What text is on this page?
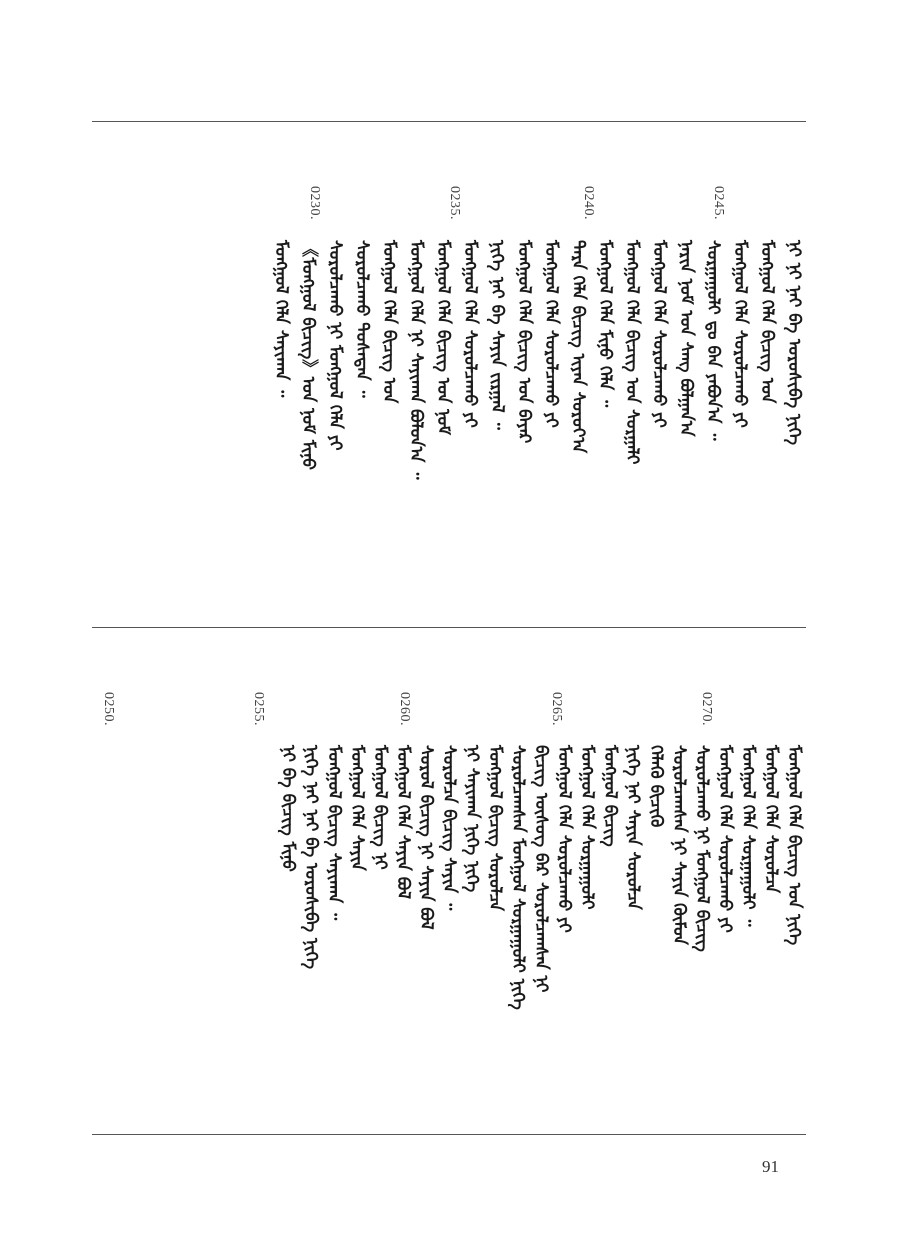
ᠨᠢ ᠨᠢ ᠨᠠᠢ ᠪᠠ ᠣᠷᠣᠰᠢᠪᠠ ᠨᠢᠭᠡ
ᠮᠣᠩᠭᠣᠯ ᠬᠡᠯᠡ ᠪᠢᠴᠢᠭ ᠤᠨ
ᠮᠣᠩᠭᠣᠯ ᠬᠡᠯᠡ ᠰᠤᠷᠤᠯᠴᠠᠬᠤ ᠶᠢ
ᠰᠤᠷᠭᠠᠭᠤᠯᠢ ᠳᠤ ᠪᠠᠨ ᠶᠠᠪᠤᠨ᠎ᠠ ᠃
ᠨᠠᠷᠢᠨ ᠨᠣᠮ ᠤᠨ ᠰᠠᠩ ᠪᠣᠯᠭᠠᠨ᠎ᠠ
ᠮᠣᠩᠭᠣᠯ ᠬᠡᠯᠡ ᠰᠤᠷᠤᠯᠴᠠᠬᠤ ᠶᠢ
ᠮᠣᠩᠭᠣᠯ ᠬᠡᠯᠡ ᠪᠢᠴᠢᠭ ᠤᠨ ᠰᠤᠷᠭᠠᠯᠢ
ᠮᠣᠩᠭᠣᠯ ᠬᠡᠯᠡ ᠮᠢᠨᠦ ᠬᠡᠯᠡ ᠃
ᠲᠡᠷᠡ ᠬᠡᠯᠡ ᠪᠢᠴᠢᠭ ᠢᠶᠡᠨ ᠰᠤᠷᠤᠶ᠎ᠠ
ᠮᠣᠩᠭᠣᠯ ᠬᠡᠯᠡ ᠰᠤᠷᠤᠯᠴᠠᠬᠤ ᠶᠢ
ᠮᠣᠩᠭᠣᠯ ᠬᠡᠯᠡ ᠪᠢᠴᠢᠭ ᠤᠨ ᠪᠠᠶᠠᠷ
ᠨᠢᠭᠡ ᠨᠠᠢ ᠪᠠ ᠰᠠᠶᠢᠨ ᠵᠢᠷᠭᠠᠯ ᠃
ᠮᠣᠩᠭᠣᠯ ᠬᠡᠯᠡ ᠰᠤᠷᠤᠯᠴᠠᠬᠤ ᠶᠢ
ᠮᠣᠩᠭᠣᠯ ᠬᠡᠯᠡ ᠪᠢᠴᠢᠭ ᠤᠨ ᠨᠣᠮ
ᠮᠣᠩᠭᠣᠯ ᠬᠡᠯᠡ ᠨᠢ ᠰᠠᠶᠢᠬᠠᠨ ᠪᠣᠯᠤᠨ᠎ᠠ ᠃
ᠮᠣᠩᠭᠣᠯ ᠬᠡᠯᠡ ᠪᠢᠴᠢᠭ ᠤᠨ
ᠰᠤᠷᠤᠯᠴᠠᠬᠤ ᠲᠤᠰᠠᠳᠠᠨ ᠃
ᠰᠤᠷᠤᠯᠴᠠᠬᠤ ᠨᠢ ᠮᠣᠩᠭᠣᠯ ᠬᠡᠯᠡ ᠶᠢ
《ᠮᠣᠩᠭᠣᠯ ᠪᠢᠴᠢᠭ》ᠤᠨ ᠨᠣᠮ ᠮᠢᠨᠦ
ᠮᠣᠩᠭᠣᠯ ᠬᠡᠯᠡ ᠰᠠᠶᠢᠬᠠᠨ ᠃
0245.
0240.
0235.
0230.
ᠮᠣᠩᠭᠣᠯ ᠬᠡᠯᠡ ᠪᠢᠴᠢᠭ ᠤᠨ ᠨᠢᠭᠡ
ᠮᠣᠩᠭᠣᠯ ᠬᠡᠯᠡ ᠰᠤᠷᠤᠯᠴᠠ
ᠮᠣᠩᠭᠣᠯ ᠬᠡᠯᠡ ᠰᠤᠷᠭᠠᠭᠤᠯᠢ ᠃
ᠮᠣᠩᠭᠣᠯ ᠬᠡᠯᠡ ᠰᠤᠷᠤᠯᠴᠠᠬᠤ ᠶᠢ
ᠰᠤᠷᠤᠯᠴᠠᠬᠤ ᠨᠢ ᠮᠣᠩᠭᠣᠯ ᠪᠢᠴᠢᠭ
ᠰᠤᠷᠤᠯᠴᠠᠭᠰᠠᠨ ᠨᠢ ᠰᠠᠶᠢᠨ ᠬᠦᠮᠦᠨ
ᠬᠡᠯᠡᠬᠦ ᠪᠢᠴᠢᠬᠦ
ᠨᠢᠭᠡ ᠨᠠᠢ ᠰᠠᠶᠢᠨ ᠰᠤᠷᠤᠯᠴᠠ
ᠮᠣᠩᠭᠣᠯ ᠪᠢᠴᠢᠭ
ᠮᠣᠩᠭᠣᠯ ᠬᠡᠯᠡ ᠰᠤᠷᠭᠠᠭᠤᠯᠢ
ᠮᠣᠩᠭᠣᠯ ᠬᠡᠯᠡ ᠰᠤᠷᠤᠯᠴᠠᠬᠤ ᠶᠢ
ᠪᠢᠴᠢᠭ ᠦᠰᠦᠭ ᠪᠠᠷ ᠰᠤᠷᠤᠯᠴᠠᠭᠰᠠᠨ ᠨᠢ
ᠰᠤᠷᠤᠯᠴᠠᠭᠰᠠᠨ ᠮᠣᠩᠭᠣᠯ ᠰᠤᠷᠭᠠᠭᠤᠯᠢ ᠨᠢᠭᠡ
ᠮᠣᠩᠭᠣᠯ ᠪᠢᠴᠢᠭ ᠰᠤᠷᠤᠯᠴᠠ
ᠨᠢ ᠰᠠᠶᠢᠬᠠᠨ ᠨᠢᠭᠡ ᠨᠢᠭᠡ
ᠰᠤᠷᠤᠯᠴᠠ ᠪᠢᠴᠢᠭ ᠰᠠᠶᠢᠨ ᠃
ᠰᠤᠷᠤᠯ ᠪᠢᠴᠢᠭ ᠨᠢ ᠰᠠᠶᠢᠨ ᠪᠣᠯ
ᠮᠣᠩᠭᠣᠯ ᠬᠡᠯᠡ ᠰᠠᠶᠢᠨ ᠪᠣᠯ
ᠮᠣᠩᠭᠣᠯ ᠪᠢᠴᠢᠭ ᠨᠢ
ᠮᠣᠩᠭᠣᠯ ᠬᠡᠯᠡ ᠰᠠᠶᠢᠨ
ᠮᠣᠩᠭᠣᠯ ᠪᠢᠴᠢᠭ ᠰᠠᠶᠢᠬᠠᠨ ᠃
ᠨᠢᠭᠡ ᠨᠠᠢ ᠨᠠᠢ ᠪᠠ ᠣᠷᠣᠰᠢᠪᠠ ᠨᠢᠭᠡ
ᠨᠢ ᠪᠠ ᠪᠢᠴᠢᠭ ᠮᠢᠨᠦ
0270.
0265.
0260.
0255.
0250.
91
